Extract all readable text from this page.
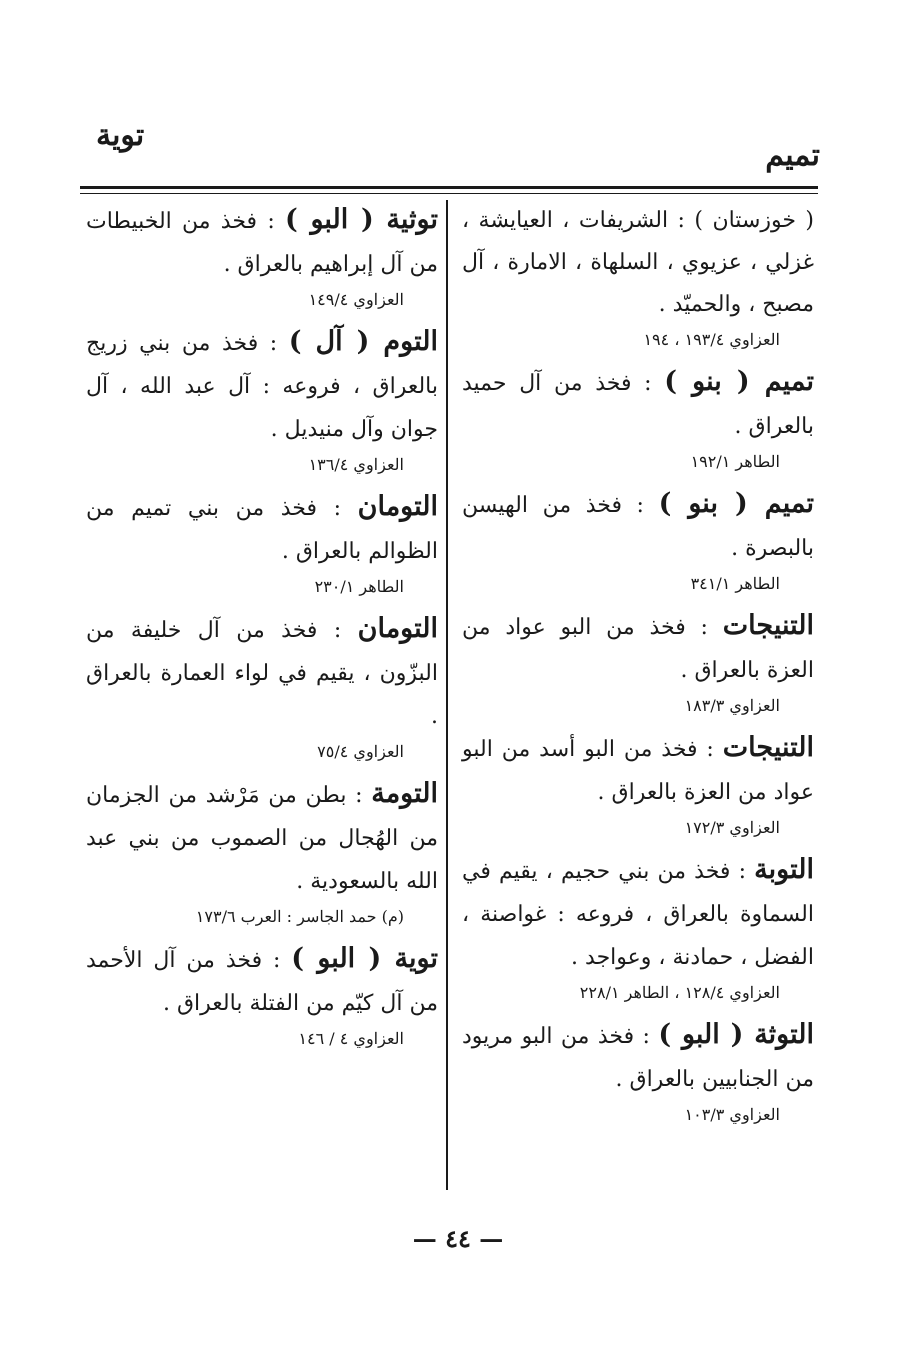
توية
تميم

( خوزستان ) : الشريفات ، العيايشة ، غزلي ، عزيوي ، السلهاة ، الامارة ، آل مصبح ، والحميّد .

العزاوي ١٩٣/٤ ، ١٩٤

تميم ( بنو ) : فخذ من آل حميد بالعراق .

الطاهر ١٩٢/١

تميم ( بنو ) : فخذ من الهيسن بالبصرة .

الطاهر ٣٤١/١

التنيجات : فخذ من البو عواد من العزة بالعراق .

العزاوي ١٨٣/٣

التنيجات : فخذ من البو أسد من البو عواد من العزة بالعراق .

العزاوي ١٧٢/٣

التوبة : فخذ من بني حجيم ، يقيم في السماوة بالعراق ، فروعه : غواصنة ، الفضل ، حمادنة ، وعواجد .

العزاوي ١٢٨/٤ ، الطاهر ٢٢٨/١

التوثة ( البو ) : فخذ من البو مريود من الجنابيين بالعراق .

العزاوي ١٠٣/٣

توثية ( البو ) : فخذ من الخبيطات من آل إبراهيم بالعراق .

العزاوي ١٤٩/٤

التوم ( آل ) : فخذ من بني زريج بالعراق ، فروعه : آل عبد الله ، آل جوان وآل منيديل .

العزاوي ١٣٦/٤

التومان : فخذ من بني تميم من الظوالم بالعراق .

الطاهر ٢٣٠/١

التومان : فخذ من آل خليفة من البزّون ، يقيم في لواء العمارة بالعراق .

العزاوي ٧٥/٤

التومة : بطن من مَرْشد من الجزمان من الهُجال من الصموب من بني عبد الله بالسعودية .

(م) حمد الجاسر : العرب ١٧٣/٦

توية ( البو ) : فخذ من آل الأحمد من آل كيّم من الفتلة بالعراق .

العزاوي ٤ / ١٤٦

— ٤٤ —
